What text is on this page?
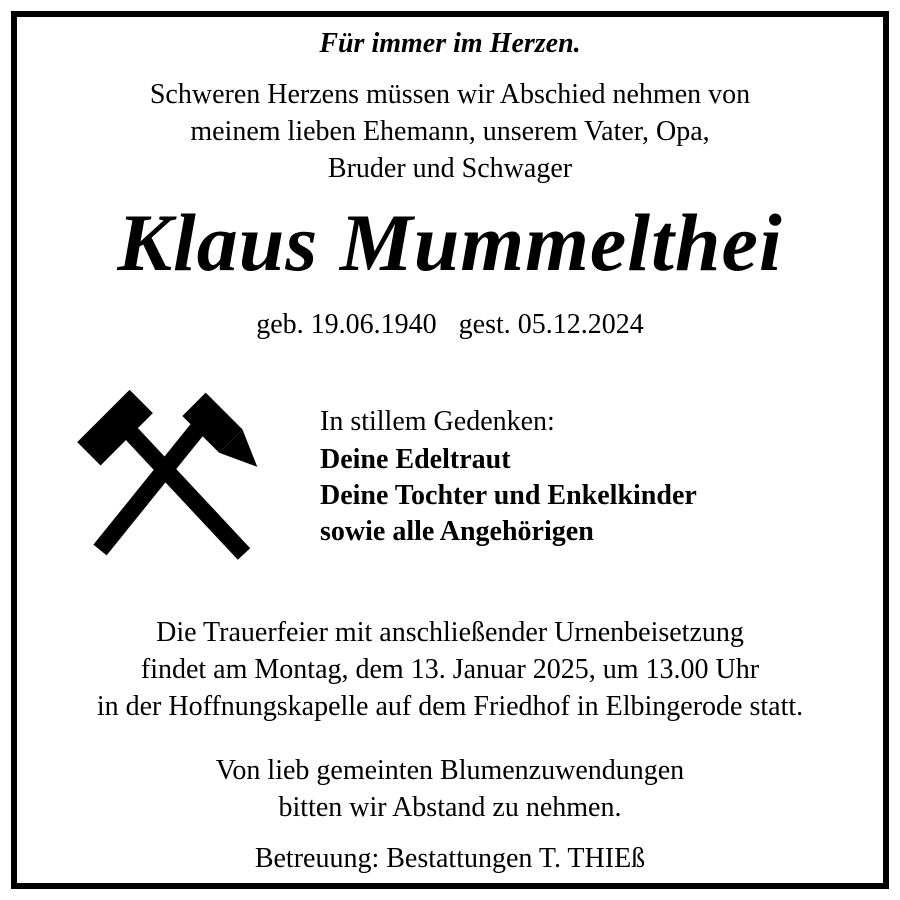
Für immer im Herzen.
Schweren Herzens müssen wir Abschied nehmen von
meinem lieben Ehemann, unserem Vater, Opa,
Bruder und Schwager
Klaus Mummelthei
geb. 19.06.1940 gest. 05.12.2024
In stillem Gedenken:
Deine Edeltraut
Deine Tochter und Enkelkinder
sowie alle Angehörigen
Die Trauerfeier mit anschließender Urnenbeisetzung
findet am Montag, dem 13. Januar 2025, um 13.00 Uhr
in der Hoffnungskapelle auf dem Friedhof in Elbingerode statt.
Von lieb gemeinten Blumenzuwendungen
bitten wir Abstand zu nehmen.
Betreuung: Bestattungen T. THIEß
